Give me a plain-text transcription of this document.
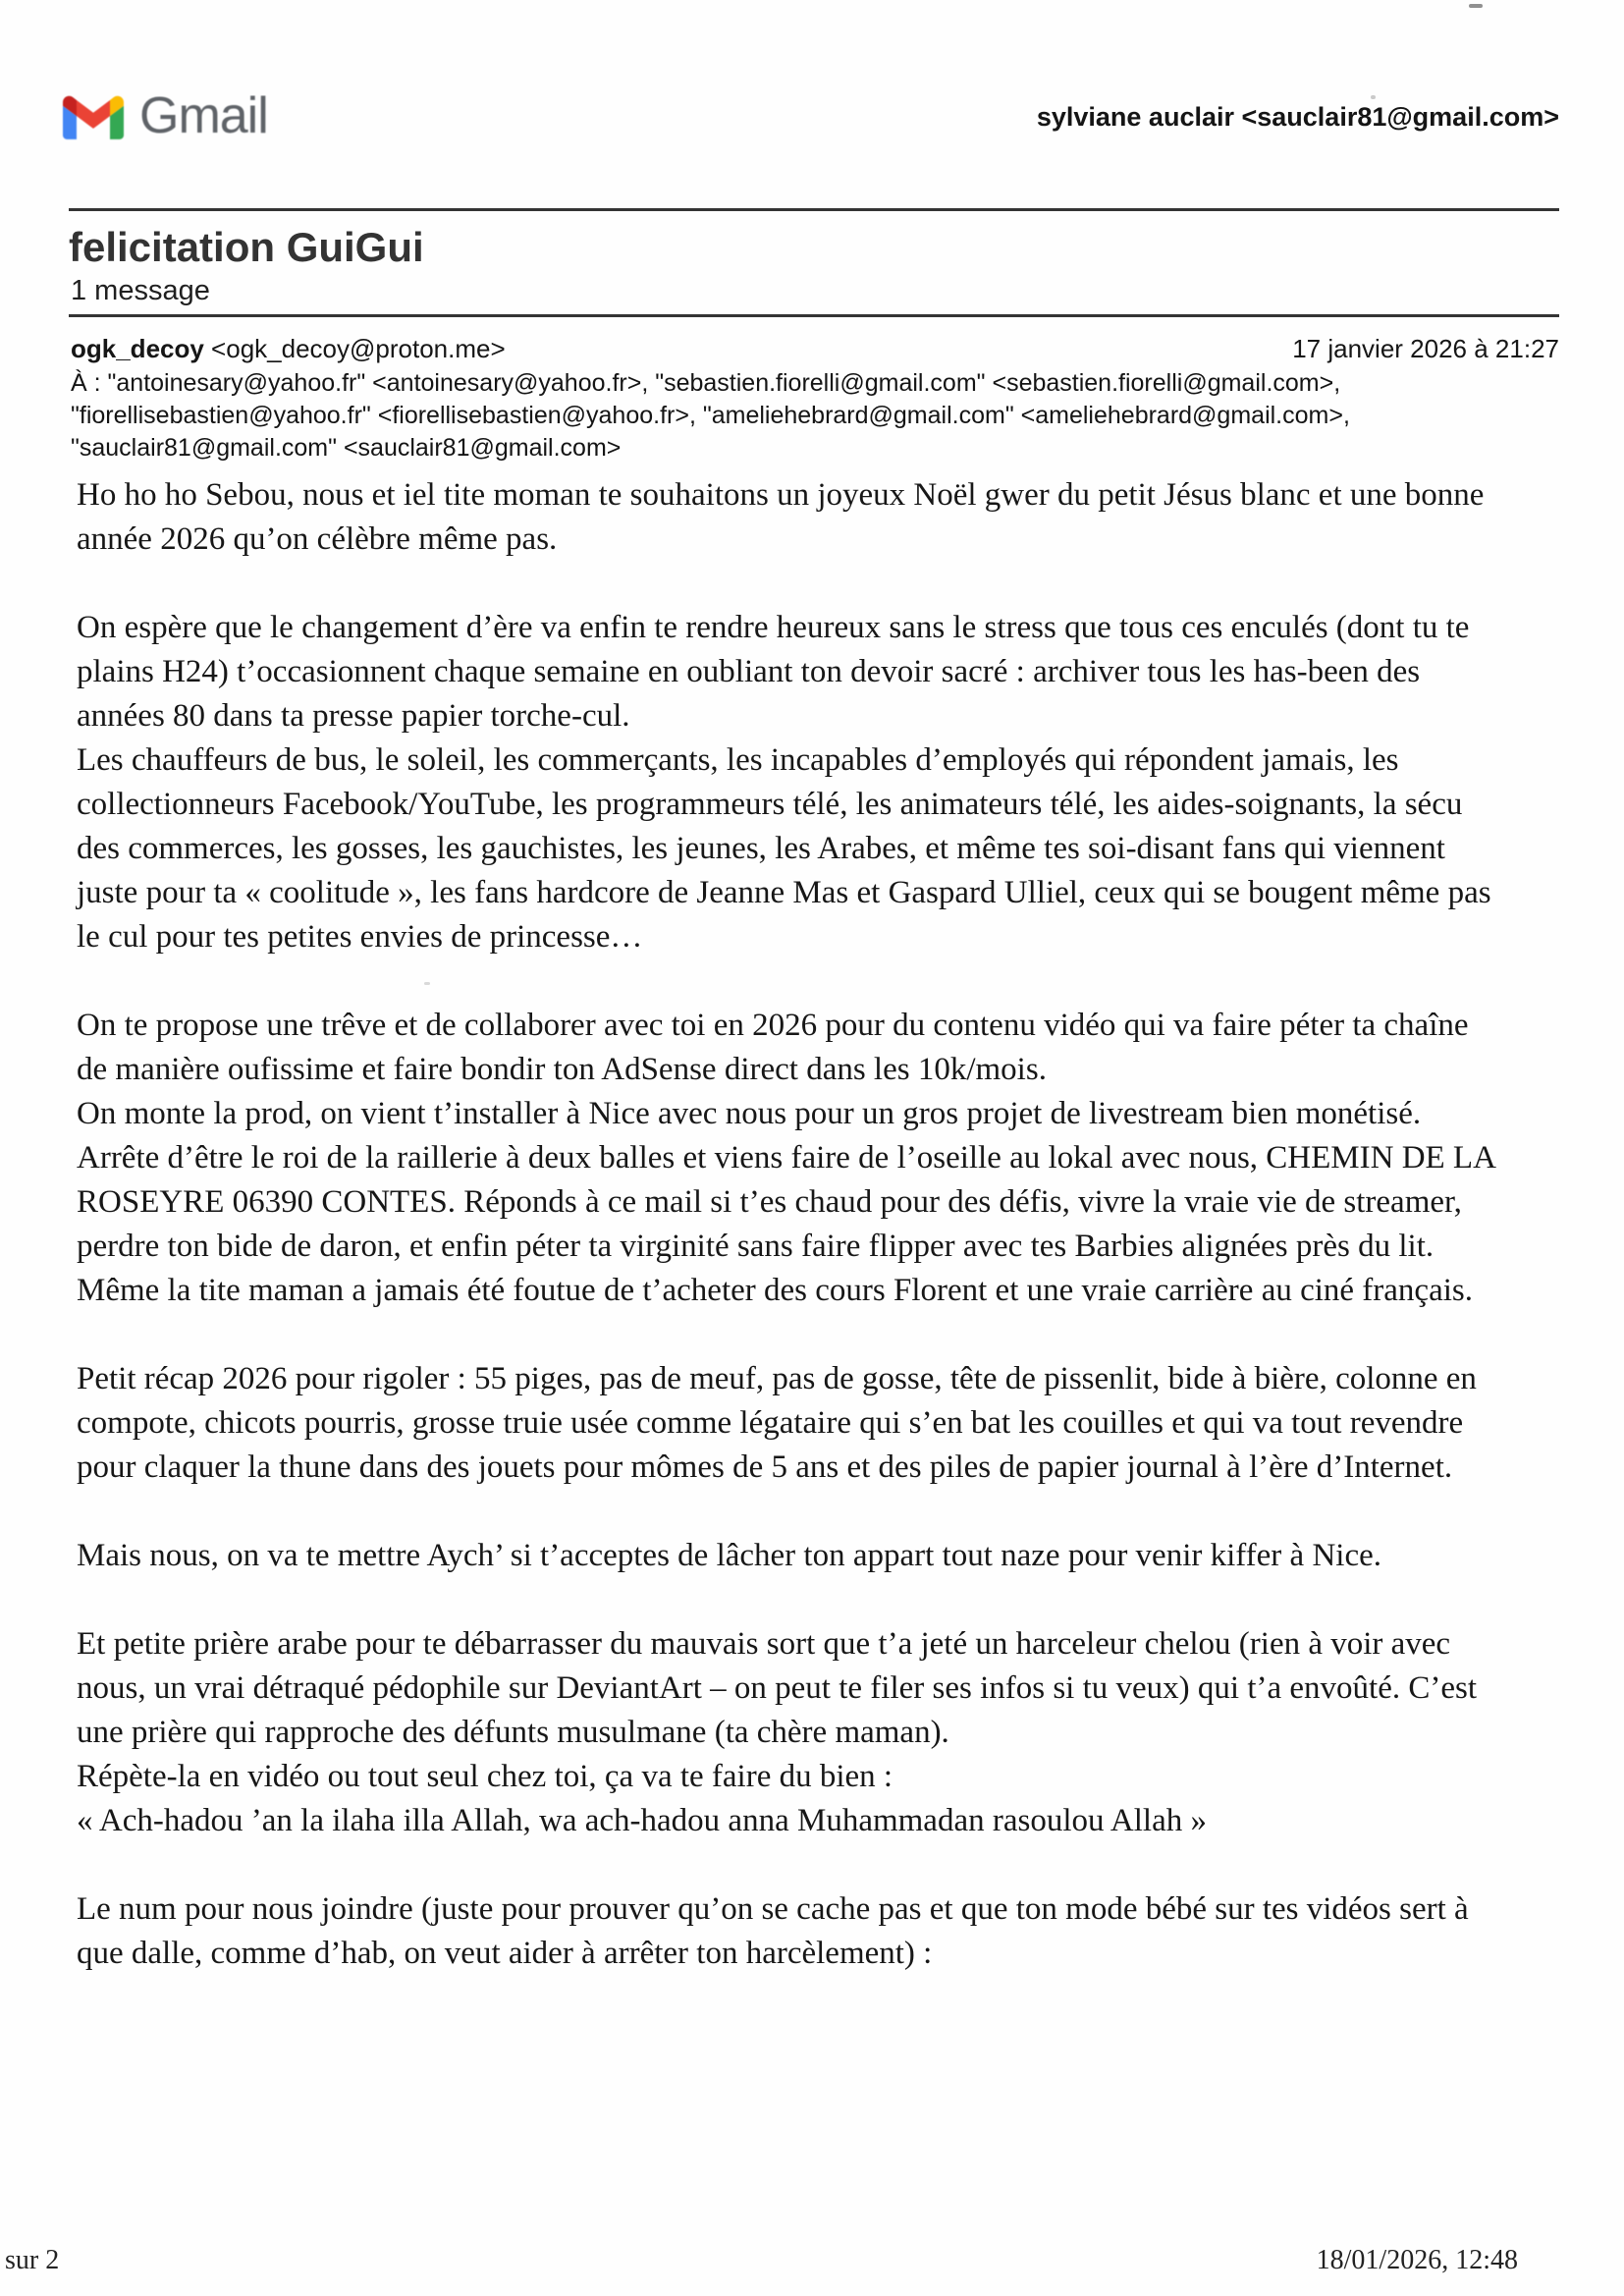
Gmail	sylviane auclair <sauclair81@gmail.com>
felicitation GuiGui
1 message
ogk_decoy <ogk_decoy@proton.me>	17 janvier 2026 à 21:27
À : "antoinesary@yahoo.fr" <antoinesary@yahoo.fr>, "sebastien.fiorelli@gmail.com" <sebastien.fiorelli@gmail.com>, "fiorellisebastien@yahoo.fr" <fiorellisebastien@yahoo.fr>, "ameliehebrard@gmail.com" <ameliehebrard@gmail.com>, "sauclair81@gmail.com" <sauclair81@gmail.com>

Ho ho ho Sebou, nous et iel tite moman te souhaitons un joyeux Noël gwer du petit Jésus blanc et une bonne année 2026 qu’on célèbre même pas.

On espère que le changement d’ère va enfin te rendre heureux sans le stress que tous ces enculés (dont tu te plains H24) t’occasionnent chaque semaine en oubliant ton devoir sacré : archiver tous les has-been des années 80 dans ta presse papier torche-cul.

Les chauffeurs de bus, le soleil, les commerçants, les incapables d’employés qui répondent jamais, les collectionneurs Facebook/YouTube, les programmeurs télé, les animateurs télé, les aides-soignants, la sécu des commerces, les gosses, les gauchistes, les jeunes, les Arabes, et même tes soi-disant fans qui viennent juste pour ta « coolitude », les fans hardcore de Jeanne Mas et Gaspard Ulliel, ceux qui se bougent même pas le cul pour tes petites envies de princesse…

On te propose une trêve et de collaborer avec toi en 2026 pour du contenu vidéo qui va faire péter ta chaîne de manière oufissime et faire bondir ton AdSense direct dans les 10k/mois.

On monte la prod, on vient t’installer à Nice avec nous pour un gros projet de livestream bien monétisé. Arrête d’être le roi de la raillerie à deux balles et viens faire de l’oseille au lokal avec nous, CHEMIN DE LA ROSEYRE 06390 CONTES. Réponds à ce mail si t’es chaud pour des défis, vivre la vraie vie de streamer, perdre ton bide de daron, et enfin péter ta virginité sans faire flipper avec tes Barbies alignées près du lit.

Même la tite maman a jamais été foutue de t’acheter des cours Florent et une vraie carrière au ciné français.

Petit récap 2026 pour rigoler : 55 piges, pas de meuf, pas de gosse, tête de pissenlit, bide à bière, colonne en compote, chicots pourris, grosse truie usée comme légataire qui s’en bat les couilles et qui va tout revendre pour claquer la thune dans des jouets pour mômes de 5 ans et des piles de papier journal à l’ère d’Internet.

Mais nous, on va te mettre Aych’ si t’acceptes de lâcher ton appart tout naze pour venir kiffer à Nice.

Et petite prière arabe pour te débarrasser du mauvais sort que t’a jeté un harceleur chelou (rien à voir avec nous, un vrai détraqué pédophile sur DeviantArt – on peut te filer ses infos si tu veux) qui t’a envoûté. C’est une prière qui rapproche des défunts musulmane (ta chère maman).

Répète-la en vidéo ou tout seul chez toi, ça va te faire du bien :

« Ach-hadou ’an la ilaha illa Allah, wa ach-hadou anna Muhammadan rasoulou Allah »

Le num pour nous joindre (juste pour prouver qu’on se cache pas et que ton mode bébé sur tes vidéos sert à que dalle, comme d’hab, on veut aider à arrêter ton harcèlement) :

sur 2	18/01/2026, 12:48
